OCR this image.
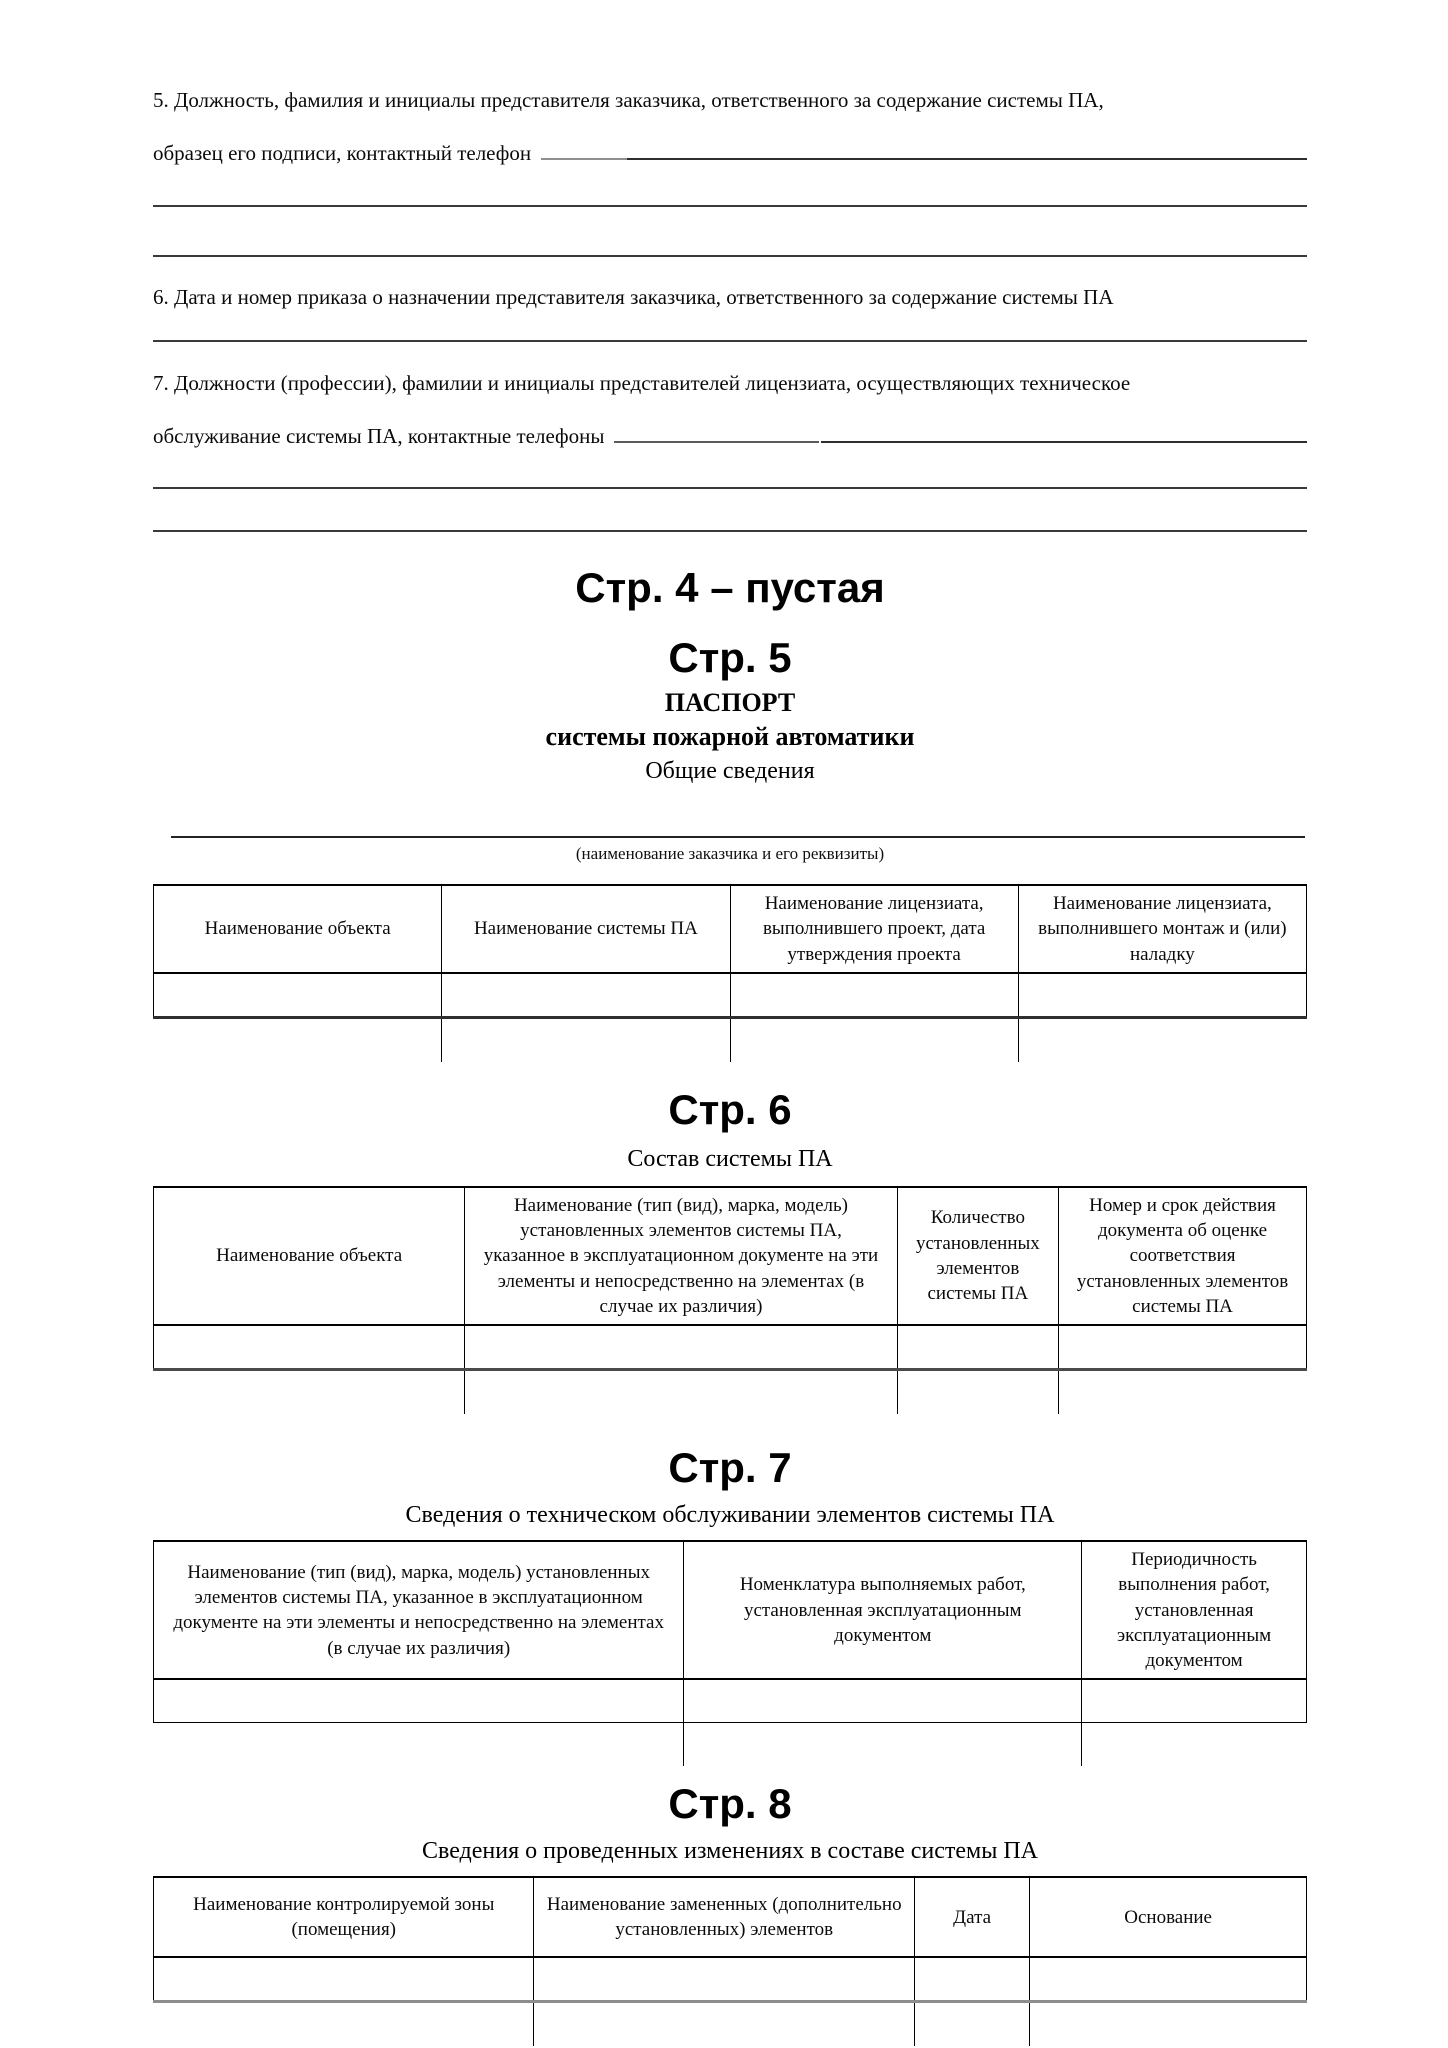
5. Должность, фамилия и инициалы представителя заказчика, ответственного за содержание системы ПА,

образец его подписи, контактный телефон

6. Дата и номер приказа о назначении представителя заказчика, ответственного за содержание системы ПА

7. Должности (профессии), фамилии и инициалы представителей лицензиата, осуществляющих техническое

обслуживание системы ПА, контактные телефоны
Стр. 4 – пустая
Стр. 5

ПАСПОРТ

системы пожарной автоматики

Общие сведения

(наименование заказчика и его реквизиты)

Наименование объекта	Наименование системы ПА	Наименование лицензиата, выполнившего проект, дата утверждения проекта	Наименование лицензиата, выполнившего монтаж и (или) наладку

Стр. 6

Состав системы ПА

Наименование объекта	Наименование (тип (вид), марка, модель) установленных элементов системы ПА, указанное в эксплуатационном документе на эти элементы и непосредственно на элементах (в случае их различия)	Количество установленных элементов системы ПА	Номер и срок действия документа об оценке соответствия установленных элементов системы ПА

Стр. 7

Сведения о техническом обслуживании элементов системы ПА

Наименование (тип (вид), марка, модель) установленных элементов системы ПА, указанное в эксплуатационном документе на эти элементы и непосредственно на элементах (в случае их различия)	Номенклатура выполняемых работ, установленная эксплуатационным документом	Периодичность выполнения работ, установленная эксплуатационным документом

Стр. 8

Сведения о проведенных изменениях в составе системы ПА

Наименование контролируемой зоны (помещения)	Наименование замененных (дополнительно установленных) элементов	Дата	Основание
